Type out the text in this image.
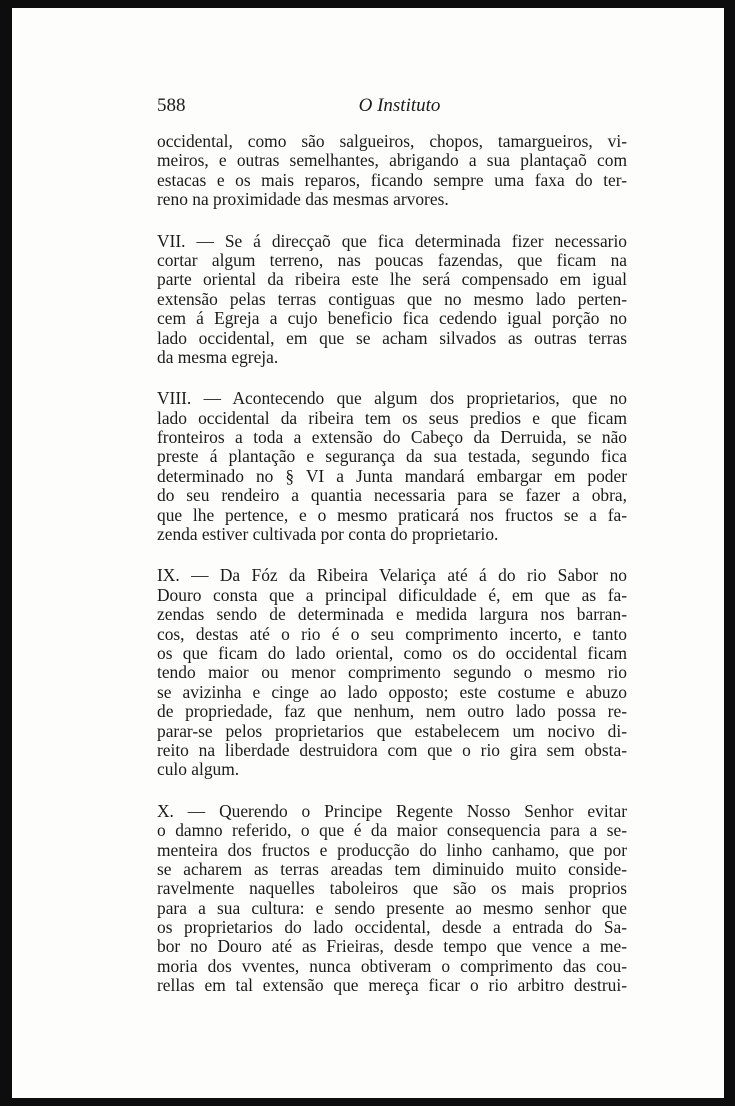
588	O Instituto
occidental, como são salgueiros, chopos, tamargueiros, vi-
meiros, e outras semelhantes, abrigando a sua plantaçaõ com
estacas e os mais reparos, ficando sempre uma faxa do ter-
reno na proximidade das mesmas arvores.
VII. — Se á direcçaõ que fica determinada fizer necessario
cortar algum terreno, nas poucas fazendas, que ficam na
parte oriental da ribeira este lhe será compensado em igual
extensão pelas terras contiguas que no mesmo lado perten-
cem á Egreja a cujo beneficio fica cedendo igual porção no
lado occidental, em que se acham silvados as outras terras
da mesma egreja.
VIII. — Acontecendo que algum dos proprietarios, que no
lado occidental da ribeira tem os seus predios e que ficam
fronteiros a toda a extensão do Cabeço da Derruida, se não
preste á plantação e segurança da sua testada, segundo fica
determinado no § VI a Junta mandará embargar em poder
do seu rendeiro a quantia necessaria para se fazer a obra,
que lhe pertence, e o mesmo praticará nos fructos se a fa-
zenda estiver cultivada por conta do proprietario.
IX. — Da Fóz da Ribeira Velariça até á do rio Sabor no
Douro consta que a principal dificuldade é, em que as fa-
zendas sendo de determinada e medida largura nos barran-
cos, destas até o rio é o seu comprimento incerto, e tanto
os que ficam do lado oriental, como os do occidental ficam
tendo maior ou menor comprimento segundo o mesmo rio
se avizinha e cinge ao lado opposto; este costume e abuzo
de propriedade, faz que nenhum, nem outro lado possa re-
parar-se pelos proprietarios que estabelecem um nocivo di-
reito na liberdade destruidora com que o rio gira sem obsta-
culo algum.
X. — Querendo o Principe Regente Nosso Senhor evitar
o damno referido, o que é da maior consequencia para a se-
menteira dos fructos e producção do linho canhamo, que por
se acharem as terras areadas tem diminuido muito conside-
ravelmente naquelles taboleiros que são os mais proprios
para a sua cultura: e sendo presente ao mesmo senhor que
os proprietarios do lado occidental, desde a entrada do Sa-
bor no Douro até as Frieiras, desde tempo que vence a me-
moria dos vventes, nunca obtiveram o comprimento das cou-
rellas em tal extensão que mereça ficar o rio arbitro destrui-
